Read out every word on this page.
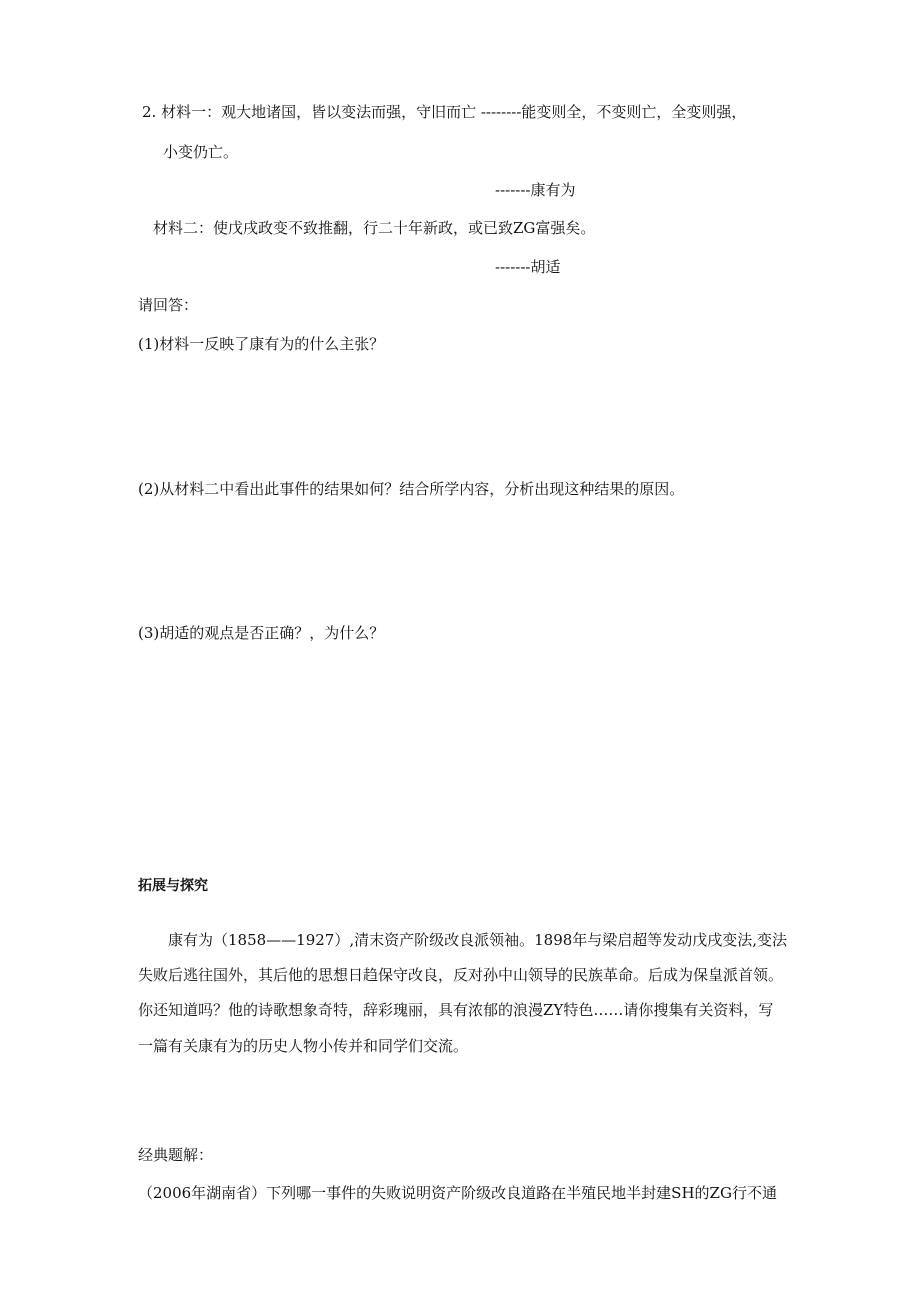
2. 材料一：观大地诸国，皆以变法而强，守旧而亡 --------能变则全，不变则亡，全变则强，
小变仍亡。
-------康有为
材料二：使戊戌政变不致推翻，行二十年新政，或已致ZG富强矣。
-------胡适
请回答：
(1)材料一反映了康有为的什么主张？
(2)从材料二中看出此事件的结果如何？结合所学内容，分析出现这种结果的原因。
(3)胡适的观点是否正确？，为什么？
拓展与探究
康有为（1858——1927）,清末资产阶级改良派领袖。1898年与梁启超等发动戊戌变法,变法
失败后逃往国外，其后他的思想日趋保守改良，反对孙中山领导的民族革命。后成为保皇派首领。
你还知道吗？他的诗歌想象奇特，辞彩瑰丽，具有浓郁的浪漫ZY特色……请你搜集有关资料，写
一篇有关康有为的历史人物小传并和同学们交流。
经典题解：
（2006年湖南省）下列哪一事件的失败说明资产阶级改良道路在半殖民地半封建SH的ZG行不通
